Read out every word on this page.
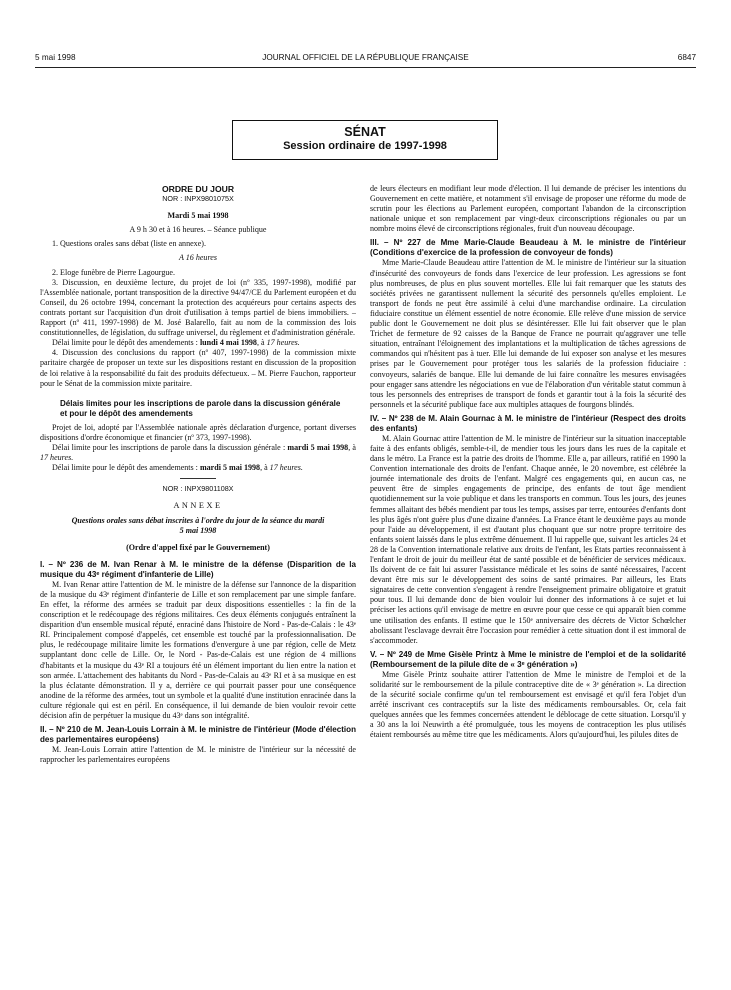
5 mai 1998	JOURNAL OFFICIEL DE LA RÉPUBLIQUE FRANÇAISE	6847
SÉNAT
Session ordinaire de 1997-1998

ORDRE DU JOUR

NOR : INPX9801075X

Mardi 5 mai 1998

A 9 h 30 et à 16 heures. – Séance publique

1. Questions orales sans débat (liste en annexe).

A 16 heures

2. Eloge funèbre de Pierre Lagourgue.

3. Discussion, en deuxième lecture, du projet de loi (nº 335, 1997-1998), modifié par l'Assemblée nationale, portant transposition de la directive 94/47/CE du Parlement européen et du Conseil, du 26 octobre 1994, concernant la protection des acquéreurs pour certains aspects des contrats portant sur l'acquisition d'un droit d'utilisation à temps partiel de biens immobiliers. – Rapport (nº 411, 1997-1998) de M. José Balarello, fait au nom de la commission des lois constitutionnelles, de législation, du suffrage universel, du règlement et d'administration générale.

Délai limite pour le dépôt des amendements : lundi 4 mai 1998, à 17 heures.

4. Discussion des conclusions du rapport (nº 407, 1997-1998) de la commission mixte paritaire chargée de proposer un texte sur les dispositions restant en discussion de la proposition de loi relative à la responsabilité du fait des produits défectueux. – M. Pierre Fauchon, rapporteur pour le Sénat de la commission mixte paritaire.

Délais limites pour les inscriptions de parole dans la discussion générale et pour le dépôt des amendements

Projet de loi, adopté par l'Assemblée nationale après déclaration d'urgence, portant diverses dispositions d'ordre économique et financier (nº 373, 1997-1998).

Délai limite pour les inscriptions de parole dans la discussion générale : mardi 5 mai 1998, à 17 heures.

Délai limite pour le dépôt des amendements : mardi 5 mai 1998, à 17 heures.

NOR : INPX9801108X

ANNEXE

Questions orales sans débat inscrites à l'ordre du jour de la séance du mardi 5 mai 1998

(Ordre d'appel fixé par le Gouvernement)

I. – Nº 236 de M. Ivan Renar à M. le ministre de la défense (Disparition de la musique du 43ᵉ régiment d'infanterie de Lille)

M. Ivan Renar attire l'attention de M. le ministre de la défense sur l'annonce de la disparition de la musique du 43ᵉ régiment d'infanterie de Lille et son remplacement par une simple fanfare. En effet, la réforme des armées se traduit par deux dispositions essentielles : la fin de la conscription et le redécoupage des régions militaires. Ces deux éléments conjugués entraînent la disparition d'un ensemble musical réputé, enraciné dans l'histoire de Nord - Pas-de-Calais : le 43ᵉ RI. Principalement composé d'appelés, cet ensemble est touché par la professionnalisation. De plus, le redécoupage militaire limite les formations d'envergure à une par région, celle de Metz supplantant donc celle de Lille. Or, le Nord - Pas-de-Calais est une région de 4 millions d'habitants et la musique du 43ᵉ RI a toujours été un élément important du lien entre la nation et son armée. L'attachement des habitants du Nord - Pas-de-Calais au 43ᵉ RI et à sa musique en est la plus éclatante démonstration. Il y a, derrière ce qui pourrait passer pour une conséquence anodine de la réforme des armées, tout un symbole et la qualité d'une institution enracinée dans la culture régionale qui est en péril. En conséquence, il lui demande de bien vouloir revoir cette décision afin de perpétuer la musique du 43ᵉ dans son intégralité.

II. – Nº 210 de M. Jean-Louis Lorrain à M. le ministre de l'intérieur (Mode d'élection des parlementaires européens)

M. Jean-Louis Lorrain attire l'attention de M. le ministre de l'intérieur sur la nécessité de rapprocher les parlementaires européens

de leurs électeurs en modifiant leur mode d'élection. Il lui demande de préciser les intentions du Gouvernement en cette matière, et notamment s'il envisage de proposer une réforme du mode de scrutin pour les élections au Parlement européen, comportant l'abandon de la circonscription nationale unique et son remplacement par vingt-deux circonscriptions régionales ou par un nombre moins élevé de circonscriptions régionales, fruit d'un nouveau découpage.

III. – Nº 227 de Mme Marie-Claude Beaudeau à M. le ministre de l'intérieur (Conditions d'exercice de la profession de convoyeur de fonds)

Mme Marie-Claude Beaudeau attire l'attention de M. le ministre de l'intérieur sur la situation d'insécurité des convoyeurs de fonds dans l'exercice de leur profession. Les agressions se font plus nombreuses, de plus en plus souvent mortelles. Elle lui fait remarquer que les statuts des sociétés privées ne garantissent nullement la sécurité des personnels qu'elles emploient. Le transport de fonds ne peut être assimilé à celui d'une marchandise ordinaire. La circulation fiduciaire constitue un élément essentiel de notre économie. Elle relève d'une mission de service public dont le Gouvernement ne doit plus se désintéresser. Elle lui fait observer que le plan Trichet de fermeture de 92 caisses de la Banque de France ne pourrait qu'aggraver une telle situation, entraînant l'éloignement des implantations et la multiplication de tâches agressions de commandos qui n'hésitent pas à tuer. Elle lui demande de lui exposer son analyse et les mesures prises par le Gouvernement pour protéger tous les salariés de la profession fiduciaire : convoyeurs, salariés de banque. Elle lui demande de lui faire connaître les mesures envisagées pour engager sans attendre les négociations en vue de l'élaboration d'un véritable statut commun à tous les personnels des entreprises de transport de fonds et garantir tout à la fois la sécurité des personnels et la sécurité publique face aux multiples attaques de fourgons blindés.

IV. – Nº 238 de M. Alain Gournac à M. le ministre de l'intérieur (Respect des droits des enfants)

M. Alain Gournac attire l'attention de M. le ministre de l'intérieur sur la situation inacceptable faite à des enfants obligés, semble-t-il, de mendier tous les jours dans les rues de la capitale et dans le métro. La France est la patrie des droits de l'homme. Elle a, par ailleurs, ratifié en 1990 la Convention internationale des droits de l'enfant. Chaque année, le 20 novembre, est célébrée la journée internationale des droits de l'enfant. Malgré ces engagements qui, en aucun cas, ne peuvent être de simples engagements de principe, des enfants de tout âge mendient quotidiennement sur la voie publique et dans les transports en commun. Tous les jours, des jeunes femmes allaitant des bébés mendient par tous les temps, assises par terre, entourées d'enfants dont les plus âgés n'ont guère plus d'une dizaine d'années. La France étant le deuxième pays au monde pour l'aide au développement, il est d'autant plus choquant que sur notre propre territoire des enfants soient laissés dans le plus extrême dénuement. Il lui rappelle que, suivant les articles 24 et 28 de la Convention internationale relative aux droits de l'enfant, les Etats parties reconnaissent à l'enfant le droit de jouir du meilleur état de santé possible et de bénéficier de services médicaux. Ils doivent de ce fait lui assurer l'assistance médicale et les soins de santé nécessaires, l'accent devant être mis sur le développement des soins de santé primaires. Par ailleurs, les Etats signataires de cette convention s'engagent à rendre l'enseignement primaire obligatoire et gratuit pour tous. Il lui demande donc de bien vouloir lui donner des informations à ce sujet et lui préciser les actions qu'il envisage de mettre en œuvre pour que cesse ce qui apparaît bien comme une utilisation des enfants. Il estime que le 150ᵉ anniversaire des décrets de Victor Schœlcher abolissant l'esclavage devrait être l'occasion pour remédier à cette situation dont il est immoral de s'accommoder.

V. – Nº 249 de Mme Gisèle Printz à Mme le ministre de l'emploi et de la solidarité (Remboursement de la pilule dite de « 3ᵉ génération »)

Mme Gisèle Printz souhaite attirer l'attention de Mme le ministre de l'emploi et de la solidarité sur le remboursement de la pilule contraceptive dite de « 3ᵉ génération ». La direction de la sécurité sociale confirme qu'un tel remboursement est envisagé et qu'il fera l'objet d'un arrêté inscrivant ces contraceptifs sur la liste des médicaments remboursables. Or, cela fait quelques années que les femmes concernées attendent le déblocage de cette situation. Lorsqu'il y a 30 ans la loi Neuwirth a été promulguée, tous les moyens de contraception les plus utilisés étaient remboursés au même titre que les médicaments. Alors qu'aujourd'hui, les pilules dites de
